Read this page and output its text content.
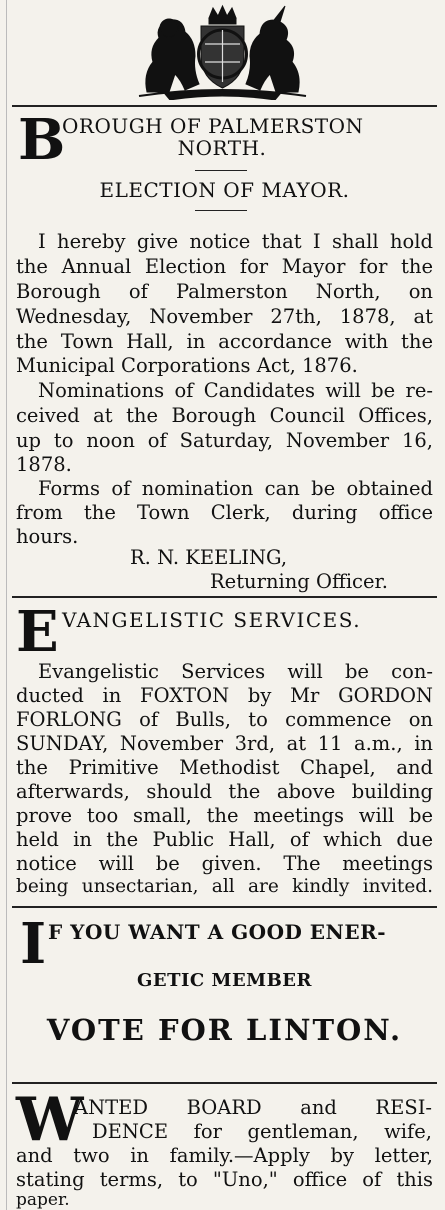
B
OROUGH OF PALMERSTON
NORTH.
ELECTION OF MAYOR.
I hereby give notice that I shall hold
the Annual Election for Mayor for the
Borough of Palmerston North, on
Wednesday, November 27th, 1878, at
the Town Hall, in accordance with the
Municipal Corporations Act, 1876.
Nominations of Candidates will be re-
ceived at the Borough Council Offices,
up to noon of Saturday, November 16,
1878.
Forms of nomination can be obtained
from the Town Clerk, during office
hours.
R. N. KEELING,
Returning Officer.
E VANGELISTIC SERVICES.
Evangelistic Services will be con-
ducted in FOXTON by Mr GORDON
FORLONG of Bulls, to commence on
SUNDAY, November 3rd, at 11 a.m., in
the Primitive Methodist Chapel, and
afterwards, should the above building
prove too small, the meetings will be
held in the Public Hall, of which due
notice will be given. The meetings
being unsectarian, all are kindly invited.
I F YOU WANT A GOOD ENER-
GETIC MEMBER
VOTE FOR LINTON.
W
ANTED BOARD and RESI-
DENCE for gentleman, wife,
and two in family.—Apply by letter,
stating terms, to "Uno," office of this
paper.
